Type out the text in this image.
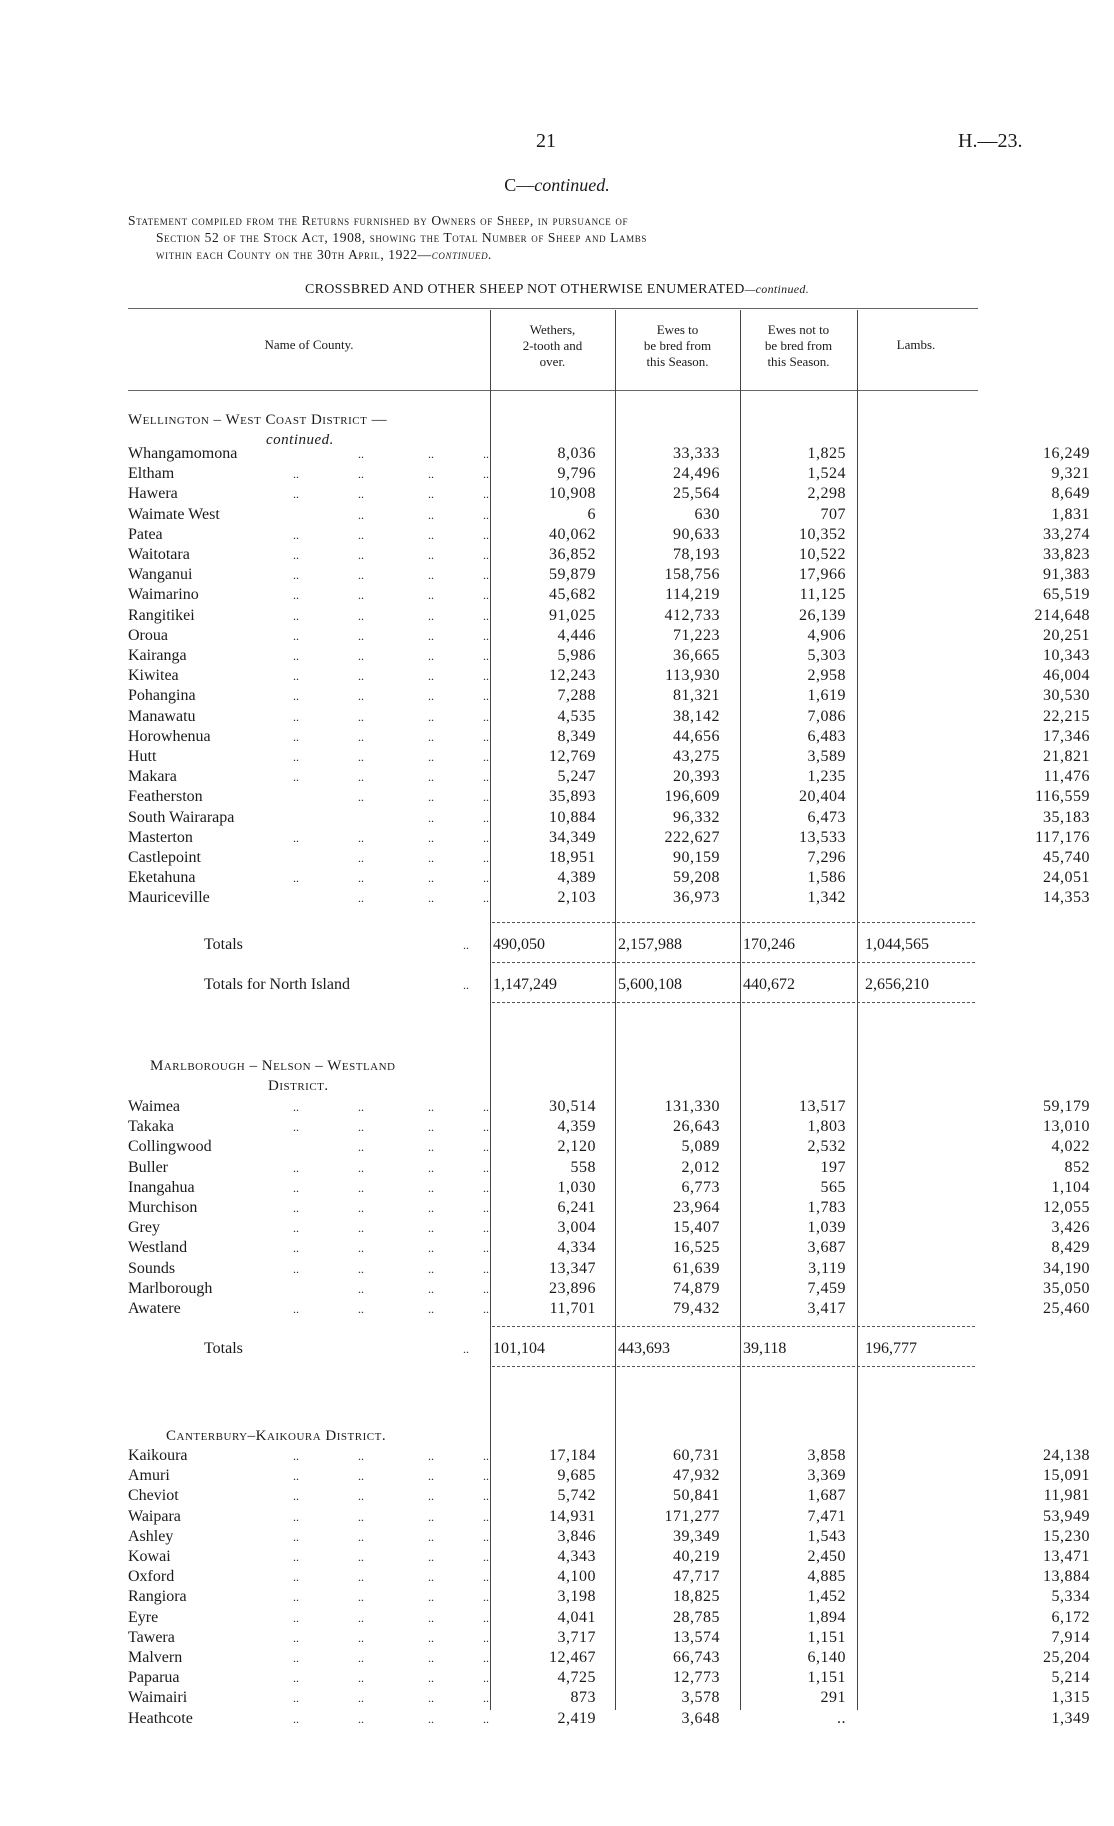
21	H.—23.
C—continued.
Statement compiled from the Returns furnished by Owners of Sheep, in pursuance of
Section 52 of the Stock Act, 1908, showing the Total Number of Sheep and Lambs
within each County on the 30th April, 1922—continued.
CROSSBRED AND OTHER SHEEP NOT OTHERWISE ENUMERATED—continued.
Name of County.
Wethers,
2-tooth and
over.
Ewes to
be bred from
this Season.
Ewes not to
be bred from
this Season.
Lambs.
Wellington – West Coast District —
continued.
Whangamomona	..	..	..	8,036	33,333	1,825	16,249
Eltham	..	..	..	..	9,796	24,496	1,524	9,321
Hawera	..	..	..	..	10,908	25,564	2,298	8,649
Waimate West	..	..	..	6	630	707	1,831
Patea	..	..	..	..	40,062	90,633	10,352	33,274
Waitotara	..	..	..	..	36,852	78,193	10,522	33,823
Wanganui	..	..	..	..	59,879	158,756	17,966	91,383
Waimarino	..	..	..	..	45,682	114,219	11,125	65,519
Rangitikei	..	..	..	..	91,025	412,733	26,139	214,648
Oroua	..	..	..	..	4,446	71,223	4,906	20,251
Kairanga	..	..	..	..	5,986	36,665	5,303	10,343
Kiwitea	..	..	..	..	12,243	113,930	2,958	46,004
Pohangina	..	..	..	..	7,288	81,321	1,619	30,530
Manawatu	..	..	..	..	4,535	38,142	7,086	22,215
Horowhenua	..	..	..	..	8,349	44,656	6,483	17,346
Hutt	..	..	..	..	12,769	43,275	3,589	21,821
Makara	..	..	..	..	5,247	20,393	1,235	11,476
Featherston	..	..	..	35,893	196,609	20,404	116,559
South Wairarapa	..	..	10,884	96,332	6,473	35,183
Masterton	..	..	..	..	34,349	222,627	13,533	117,176
Castlepoint	..	..	..	18,951	90,159	7,296	45,740
Eketahuna	..	..	..	..	4,389	59,208	1,586	24,051
Mauriceville	..	..	..	2,103	36,973	1,342	14,353
Totals	.. 490,050	2,157,988	170,246	1,044,565
Totals for North Island	.. 1,147,249	5,600,108	440,672	2,656,210
Marlborough – Nelson – Westland
District.
Waimea	..	..	..	..	30,514	131,330	13,517	59,179
Takaka	..	..	..	..	4,359	26,643	1,803	13,010
Collingwood	..	..	..	2,120	5,089	2,532	4,022
Buller	..	..	..	..	558	2,012	197	852
Inangahua	..	..	..	..	1,030	6,773	565	1,104
Murchison	..	..	..	..	6,241	23,964	1,783	12,055
Grey	..	..	..	..	3,004	15,407	1,039	3,426
Westland	..	..	..	..	4,334	16,525	3,687	8,429
Sounds	..	..	..	..	13,347	61,639	3,119	34,190
Marlborough	..	..	..	23,896	74,879	7,459	35,050
Awatere	..	..	..	..	11,701	79,432	3,417	25,460
Totals	.. 101,104	443,693	39,118	196,777
Canterbury–Kaikoura District.
Kaikoura	..	..	..	..	17,184	60,731	3,858	24,138
Amuri	..	..	..	..	9,685	47,932	3,369	15,091
Cheviot	..	..	..	..	5,742	50,841	1,687	11,981
Waipara	..	..	..	..	14,931	171,277	7,471	53,949
Ashley	..	..	..	..	3,846	39,349	1,543	15,230
Kowai	..	..	..	..	4,343	40,219	2,450	13,471
Oxford	..	..	..	..	4,100	47,717	4,885	13,884
Rangiora	..	..	..	..	3,198	18,825	1,452	5,334
Eyre	..	..	..	..	4,041	28,785	1,894	6,172
Tawera	..	..	..	..	3,717	13,574	1,151	7,914
Malvern	..	..	..	..	12,467	66,743	6,140	25,204
Paparua	..	..	..	..	4,725	12,773	1,151	5,214
Waimairi	..	..	..	..	873	3,578	291	1,315
Heathcote	..	..	..	..	2,419	3,648	..	1,349
